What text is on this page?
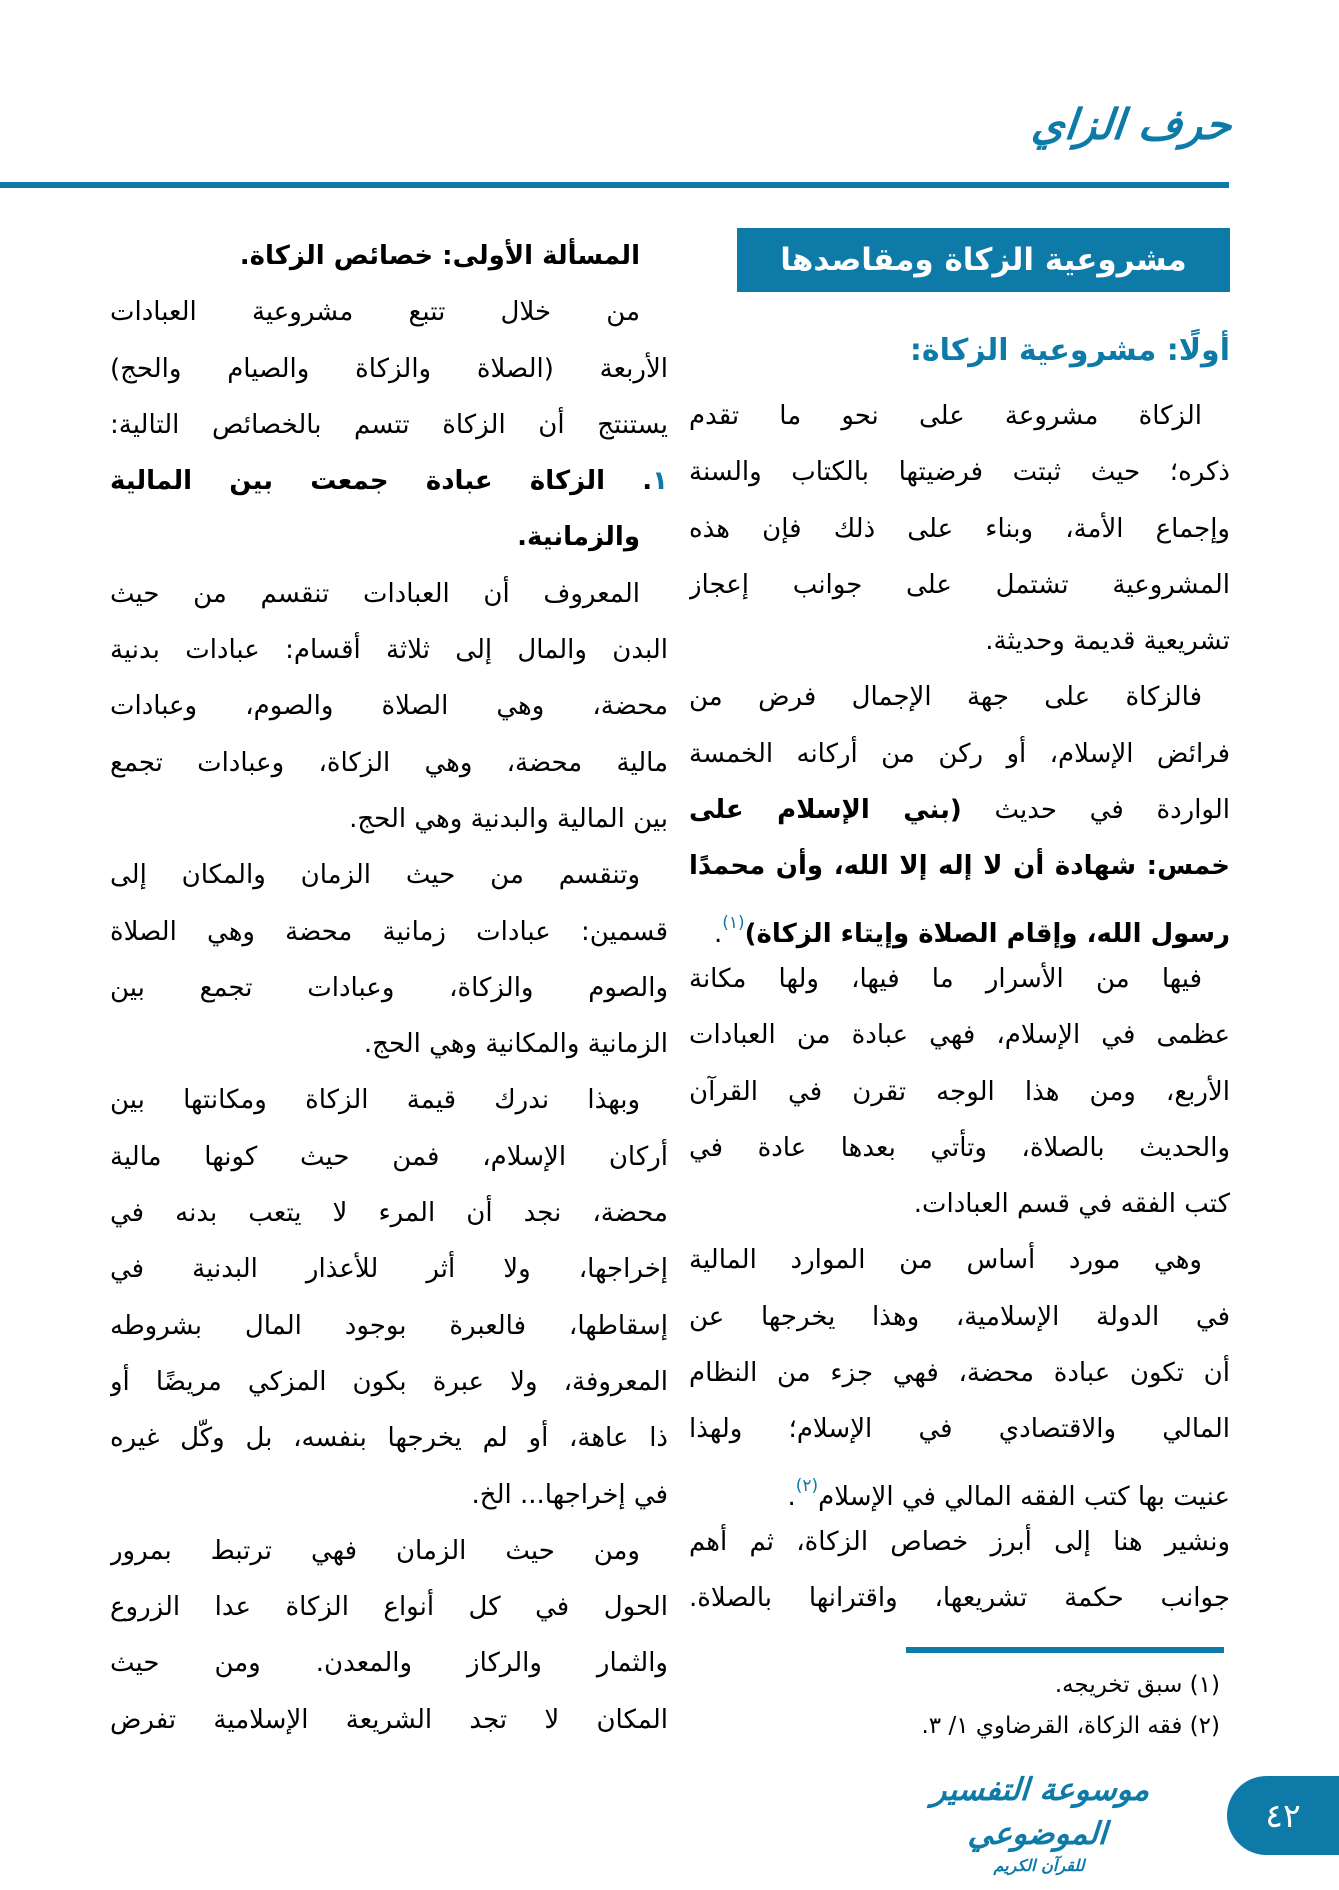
حرف الزاي
مشروعية الزكاة ومقاصدها
أولًا: مشروعية الزكاة:
الزكاة مشروعة على نحو ما تقدم
ذكره؛ حيث ثبتت فرضيتها بالكتاب والسنة
وإجماع الأمة، وبناء على ذلك فإن هذه
المشروعية تشتمل على جوانب إعجاز
تشريعية قديمة وحديثة.
فالزكاة على جهة الإجمال فرض من
فرائض الإسلام، أو ركن من أركانه الخمسة
الواردة في حديث (بني الإسلام على
خمس: شهادة أن لا إله إلا الله، وأن محمدًا
رسول الله، وإقام الصلاة وإيتاء الزكاة)$^{(١)}$.
فيها من الأسرار ما فيها، ولها مكانة
عظمى في الإسلام، فهي عبادة من العبادات
الأربع، ومن هذا الوجه تقرن في القرآن
والحديث بالصلاة، وتأتي بعدها عادة في
كتب الفقه في قسم العبادات.
وهي مورد أساس من الموارد المالية
في الدولة الإسلامية، وهذا يخرجها عن
أن تكون عبادة محضة، فهي جزء من النظام
المالي والاقتصادي في الإسلام؛ ولهذا
عنيت بها كتب الفقه المالي في الإسلام$^{(٢)}$.
ونشير هنا إلى أبرز خصاص الزكاة، ثم أهم
جوانب حكمة تشريعها، واقترانها بالصلاة.
(١) سبق تخريجه.
(٢) فقه الزكاة، القرضاوي ١/ ٣.
المسألة الأولى: خصائص الزكاة.
من خلال تتبع مشروعية العبادات
الأربعة (الصلاة والزكاة والصيام والحج)
يستنتج أن الزكاة تتسم بالخصائص التالية:
١. الزكاة عبادة جمعت بين المالية
والزمانية.
المعروف أن العبادات تنقسم من حيث
البدن والمال إلى ثلاثة أقسام: عبادات بدنية
محضة، وهي الصلاة والصوم، وعبادات
مالية محضة، وهي الزكاة، وعبادات تجمع
بين المالية والبدنية وهي الحج.
وتنقسم من حيث الزمان والمكان إلى
قسمين: عبادات زمانية محضة وهي الصلاة
والصوم والزكاة، وعبادات تجمع بين
الزمانية والمكانية وهي الحج.
وبهذا ندرك قيمة الزكاة ومكانتها بين
أركان الإسلام، فمن حيث كونها مالية
محضة، نجد أن المرء لا يتعب بدنه في
إخراجها، ولا أثر للأعذار البدنية في
إسقاطها، فالعبرة بوجود المال بشروطه
المعروفة، ولا عبرة بكون المزكي مريضًا أو
ذا عاهة، أو لم يخرجها بنفسه، بل وكّل غيره
في إخراجها... الخ.
ومن حيث الزمان فهي ترتبط بمرور
الحول في كل أنواع الزكاة عدا الزروع
والثمار والركاز والمعدن. ومن حيث
المكان لا تجد الشريعة الإسلامية تفرض
موسوعة التفسير الموضوعي
للقرآن الكريم
٤٢
